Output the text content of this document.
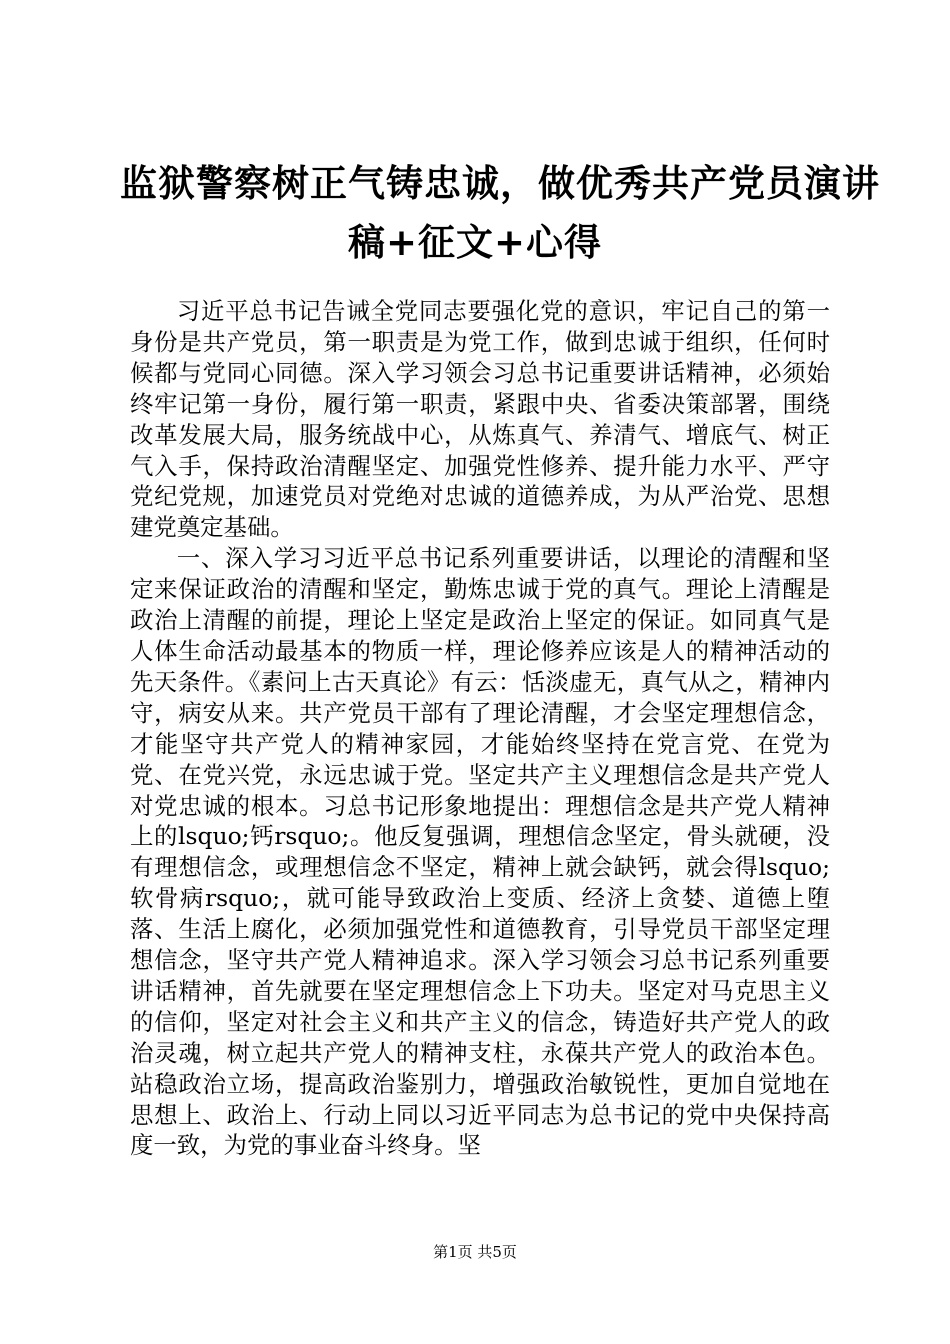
监狱警察树正气铸忠诚，做优秀共产党员演讲
稿+征文+心得

习近平总书记告诫全党同志要强化党的意识，牢记自己的第一身份是共产党员，第一职责是为党工作，做到忠诚于组织，任何时候都与党同心同德。深入学习领会习总书记重要讲话精神，必须始终牢记第一身份，履行第一职责，紧跟中央、省委决策部署，围绕改革发展大局，服务统战中心，从炼真气、养清气、增底气、树正气入手，保持政治清醒坚定、加强党性修养、提升能力水平、严守党纪党规，加速党员对党绝对忠诚的道德养成，为从严治党、思想建党奠定基础。

一、深入学习习近平总书记系列重要讲话，以理论的清醒和坚定来保证政治的清醒和坚定，勤炼忠诚于党的真气。理论上清醒是政治上清醒的前提，理论上坚定是政治上坚定的保证。如同真气是人体生命活动最基本的物质一样，理论修养应该是人的精神活动的先天条件。《素问上古天真论》有云：恬淡虚无，真气从之，精神内守，病安从来。共产党员干部有了理论清醒，才会坚定理想信念，才能坚守共产党人的精神家园，才能始终坚持在党言党、在党为党、在党兴党，永远忠诚于党。坚定共产主义理想信念是共产党人对党忠诚的根本。习总书记形象地提出：理想信念是共产党人精神上的lsquo;钙rsquo;。他反复强调，理想信念坚定，骨头就硬，没有理想信念，或理想信念不坚定，精神上就会缺钙，就会得lsquo;软骨病rsquo;，就可能导致政治上变质、经济上贪婪、道德上堕落、生活上腐化，必须加强党性和道德教育，引导党员干部坚定理想信念，坚守共产党人精神追求。深入学习领会习总书记系列重要讲话精神，首先就要在坚定理想信念上下功夫。坚定对马克思主义的信仰，坚定对社会主义和共产主义的信念，铸造好共产党人的政治灵魂，树立起共产党人的精神支柱，永葆共产党人的政治本色。站稳政治立场，提高政治鉴别力，增强政治敏锐性，更加自觉地在思想上、政治上、行动上同以习近平同志为总书记的党中央保持高度一致，为党的事业奋斗终身。坚

第1页 共5页
